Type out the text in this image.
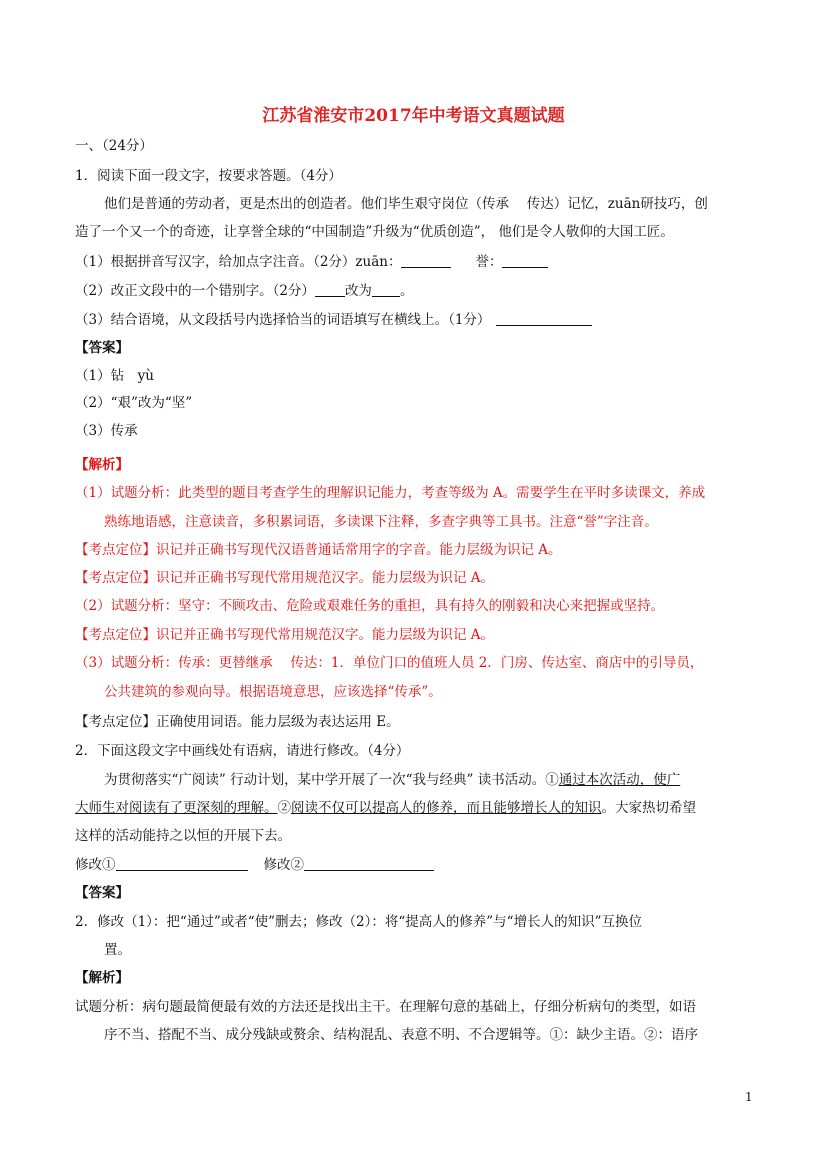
江苏省淮安市2017年中考语文真题试题
一、（24分）
1．阅读下面一段文字，按要求答题。（4分）
他们是普通的劳动者，更是杰出的创造者。他们毕生艰守岗位（传承　 传达）记忆，zuān研技巧，创
造了一个又一个的奇迹，让享誉全球的“中国制造”升级为“优质创造”， 他们是令人敬仰的大国工匠。
（1）根据拼音写汉字，给加点字注音。（2分）zuān：	誉：
（2）改正文段中的一个错别字。（2分） 改为 。
（3）结合语境，从文段括号内选择恰当的词语填写在横线上。（1分）
【答案】
（1）钻　yù
（2）“艰”改为“坚”
（3）传承
【解析】
（1）试题分析：此类型的题目考查学生的理解识记能力，考查等级为 A。需要学生在平时多读课文，养成
熟练地语感，注意读音，多积累词语，多读课下注释，多查字典等工具书。注意“誉”字注音。
【考点定位】识记并正确书写现代汉语普通话常用字的字音。能力层级为识记 A。
【考点定位】识记并正确书写现代常用规范汉字。能力层级为识记 A。
（2）试题分析：坚守：不顾攻击、危险或艰难任务的重担，具有持久的刚毅和决心来把握或坚持。
【考点定位】识记并正确书写现代常用规范汉字。能力层级为识记 A。
（3）试题分析：传承：更替继承　 传达：1．单位门口的值班人员 2．门房、传达室、商店中的引导员，
公共建筑的参观向导。根据语境意思，应该选择“传承”。
【考点定位】正确使用词语。能力层级为表达运用 E。
2．下面这段文字中画线处有语病，请进行修改。（4分）
为贯彻落实“广阅读” 行动计划，某中学开展了一次“我与经典” 读书活动。①通过本次活动，使广
大师生对阅读有了更深刻的理解。②阅读不仅可以提高人的修养，而且能够增长人的知识。大家热切希望
这样的活动能持之以恒的开展下去。
修改①	修改②
【答案】
2．修改（1）：把“通过”或者“使”删去；修改（2）：将“提高人的修养”与“增长人的知识”互换位
置。
【解析】
试题分析：病句题最简便最有效的方法还是找出主干。在理解句意的基础上，仔细分析病句的类型，如语
序不当、搭配不当、成分残缺或赘余、结构混乱、表意不明、不合逻辑等。①：缺少主语。②：语序
1
